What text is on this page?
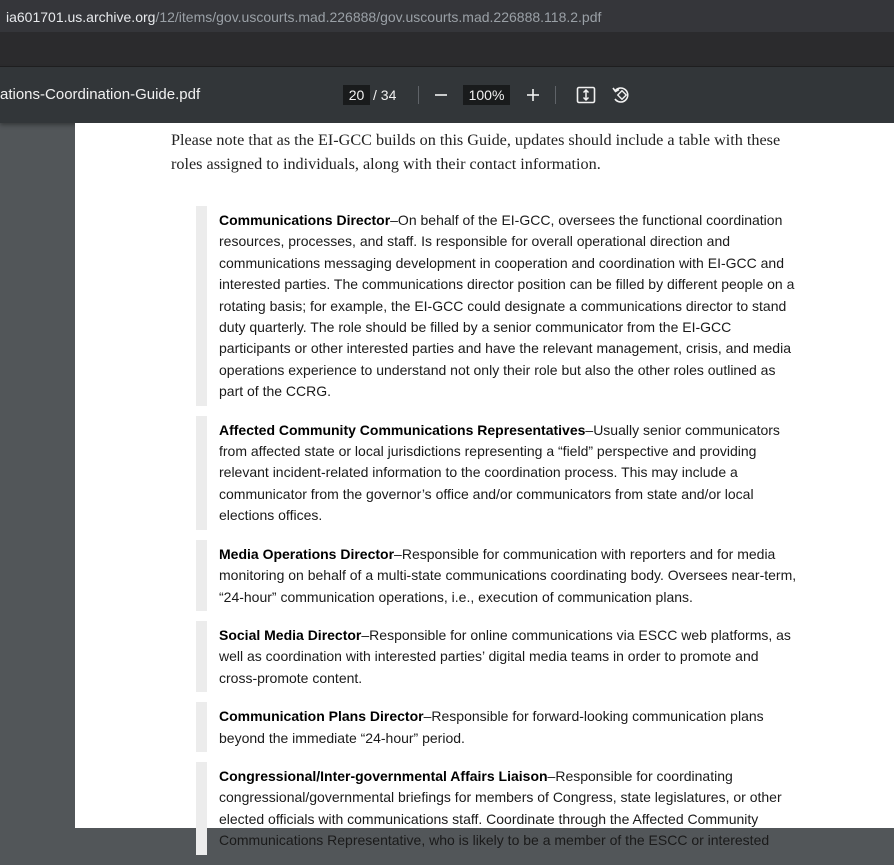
ia601701.us.archive.org/12/items/gov.uscourts.mad.226888/gov.uscourts.mad.226888.118.2.pdf
ations-Coordination-Guide.pdf
20	/ 34
100%
Please note that as the EI-GCC builds on this Guide, updates should include a table with these roles assigned to individuals, along with their contact information.
Communications Director–On behalf of the EI-GCC, oversees the functional coordination resources, processes, and staff. Is responsible for overall operational direction and communications messaging development in cooperation and coordination with EI-GCC and interested parties. The communications director position can be filled by different people on a rotating basis; for example, the EI-GCC could designate a communications director to stand duty quarterly. The role should be filled by a senior communicator from the EI-GCC participants or other interested parties and have the relevant management, crisis, and media operations experience to understand not only their role but also the other roles outlined as part of the CCRG.
Affected Community Communications Representatives–Usually senior communicators from affected state or local jurisdictions representing a “field” perspective and providing relevant incident-related information to the coordination process. This may include a communicator from the governor’s office and/or communicators from state and/or local elections offices.
Media Operations Director–Responsible for communication with reporters and for media monitoring on behalf of a multi-state communications coordinating body. Oversees near-term, “24-hour” communication operations, i.e., execution of communication plans.
Social Media Director–Responsible for online communications via ESCC web platforms, as well as coordination with interested parties’ digital media teams in order to promote and cross-promote content.
Communication Plans Director–Responsible for forward-looking communication plans beyond the immediate “24-hour” period.
Congressional/Inter-governmental Affairs Liaison–Responsible for coordinating congressional/governmental briefings for members of Congress, state legislatures, or other elected officials with communications staff. Coordinate through the Affected Community Communications Representative, who is likely to be a member of the ESCC or interested
